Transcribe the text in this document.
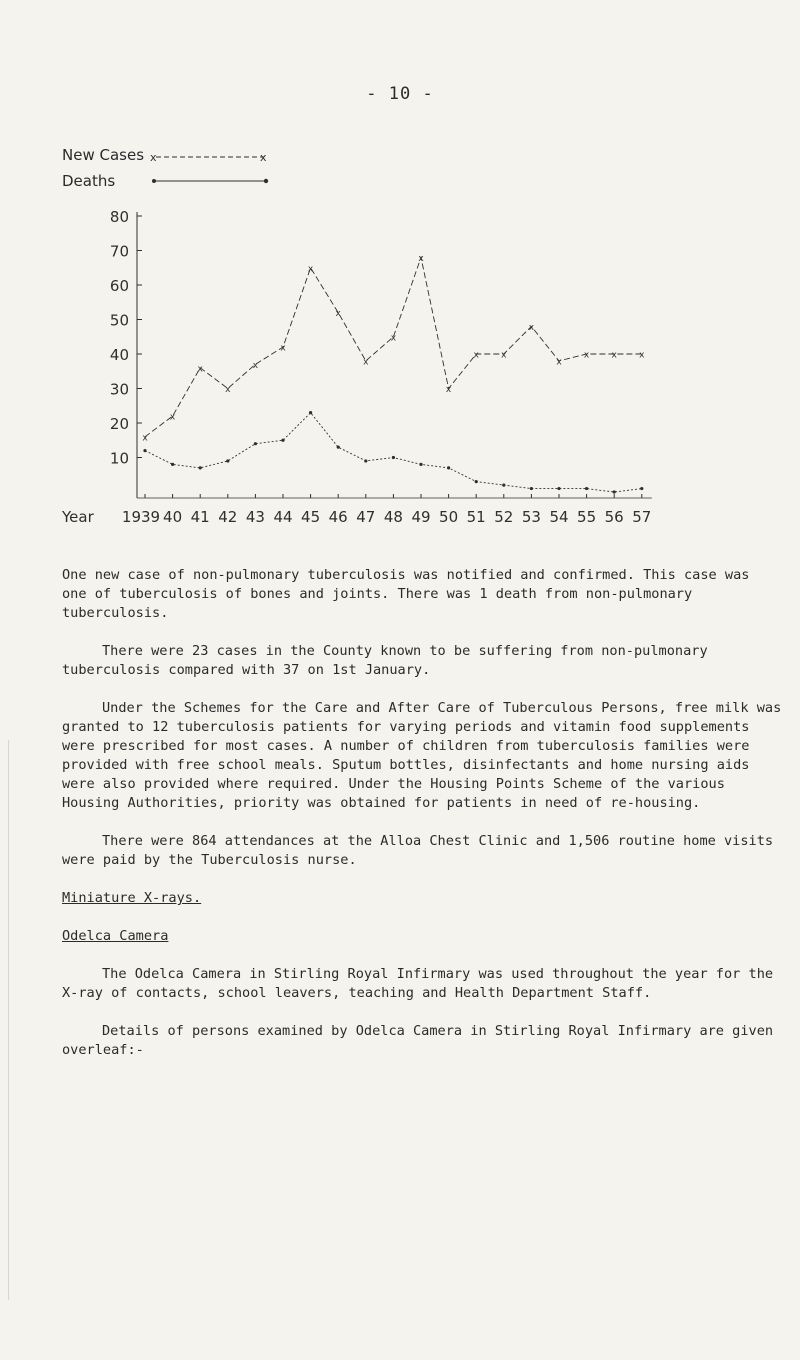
- 10 -
New Cases x	x
Deaths
10
20
30
40
50
60
70
80
Year 1939 40 41 42 43 44 45 46 47 48 49 50 51 52 53 54 55 56 57
x
x
x
x
x
x
x
x
x
x
x
x
x x
x
x
x x x

One new case of non-pulmonary tuberculosis was notified and confirmed. This case was one of tuberculosis of bones and joints. There was 1 death from non-pulmonary tuberculosis.

There were 23 cases in the County known to be suffering from non-pulmonary tuberculosis compared with 37 on 1st January.

Under the Schemes for the Care and After Care of Tuberculous Persons, free milk was granted to 12 tuberculosis patients for varying periods and vitamin food supplements were prescribed for most cases. A number of children from tuberculosis families were provided with free school meals. Sputum bottles, disinfectants and home nursing aids were also provided where required. Under the Housing Points Scheme of the various Housing Authorities, priority was obtained for patients in need of re-housing.

There were 864 attendances at the Alloa Chest Clinic and 1,506 routine home visits were paid by the Tuberculosis nurse.

Miniature X-rays.

Odelca Camera

The Odelca Camera in Stirling Royal Infirmary was used throughout the year for the X-ray of contacts, school leavers, teaching and Health Department Staff.

Details of persons examined by Odelca Camera in Stirling Royal Infirmary are given overleaf:-
